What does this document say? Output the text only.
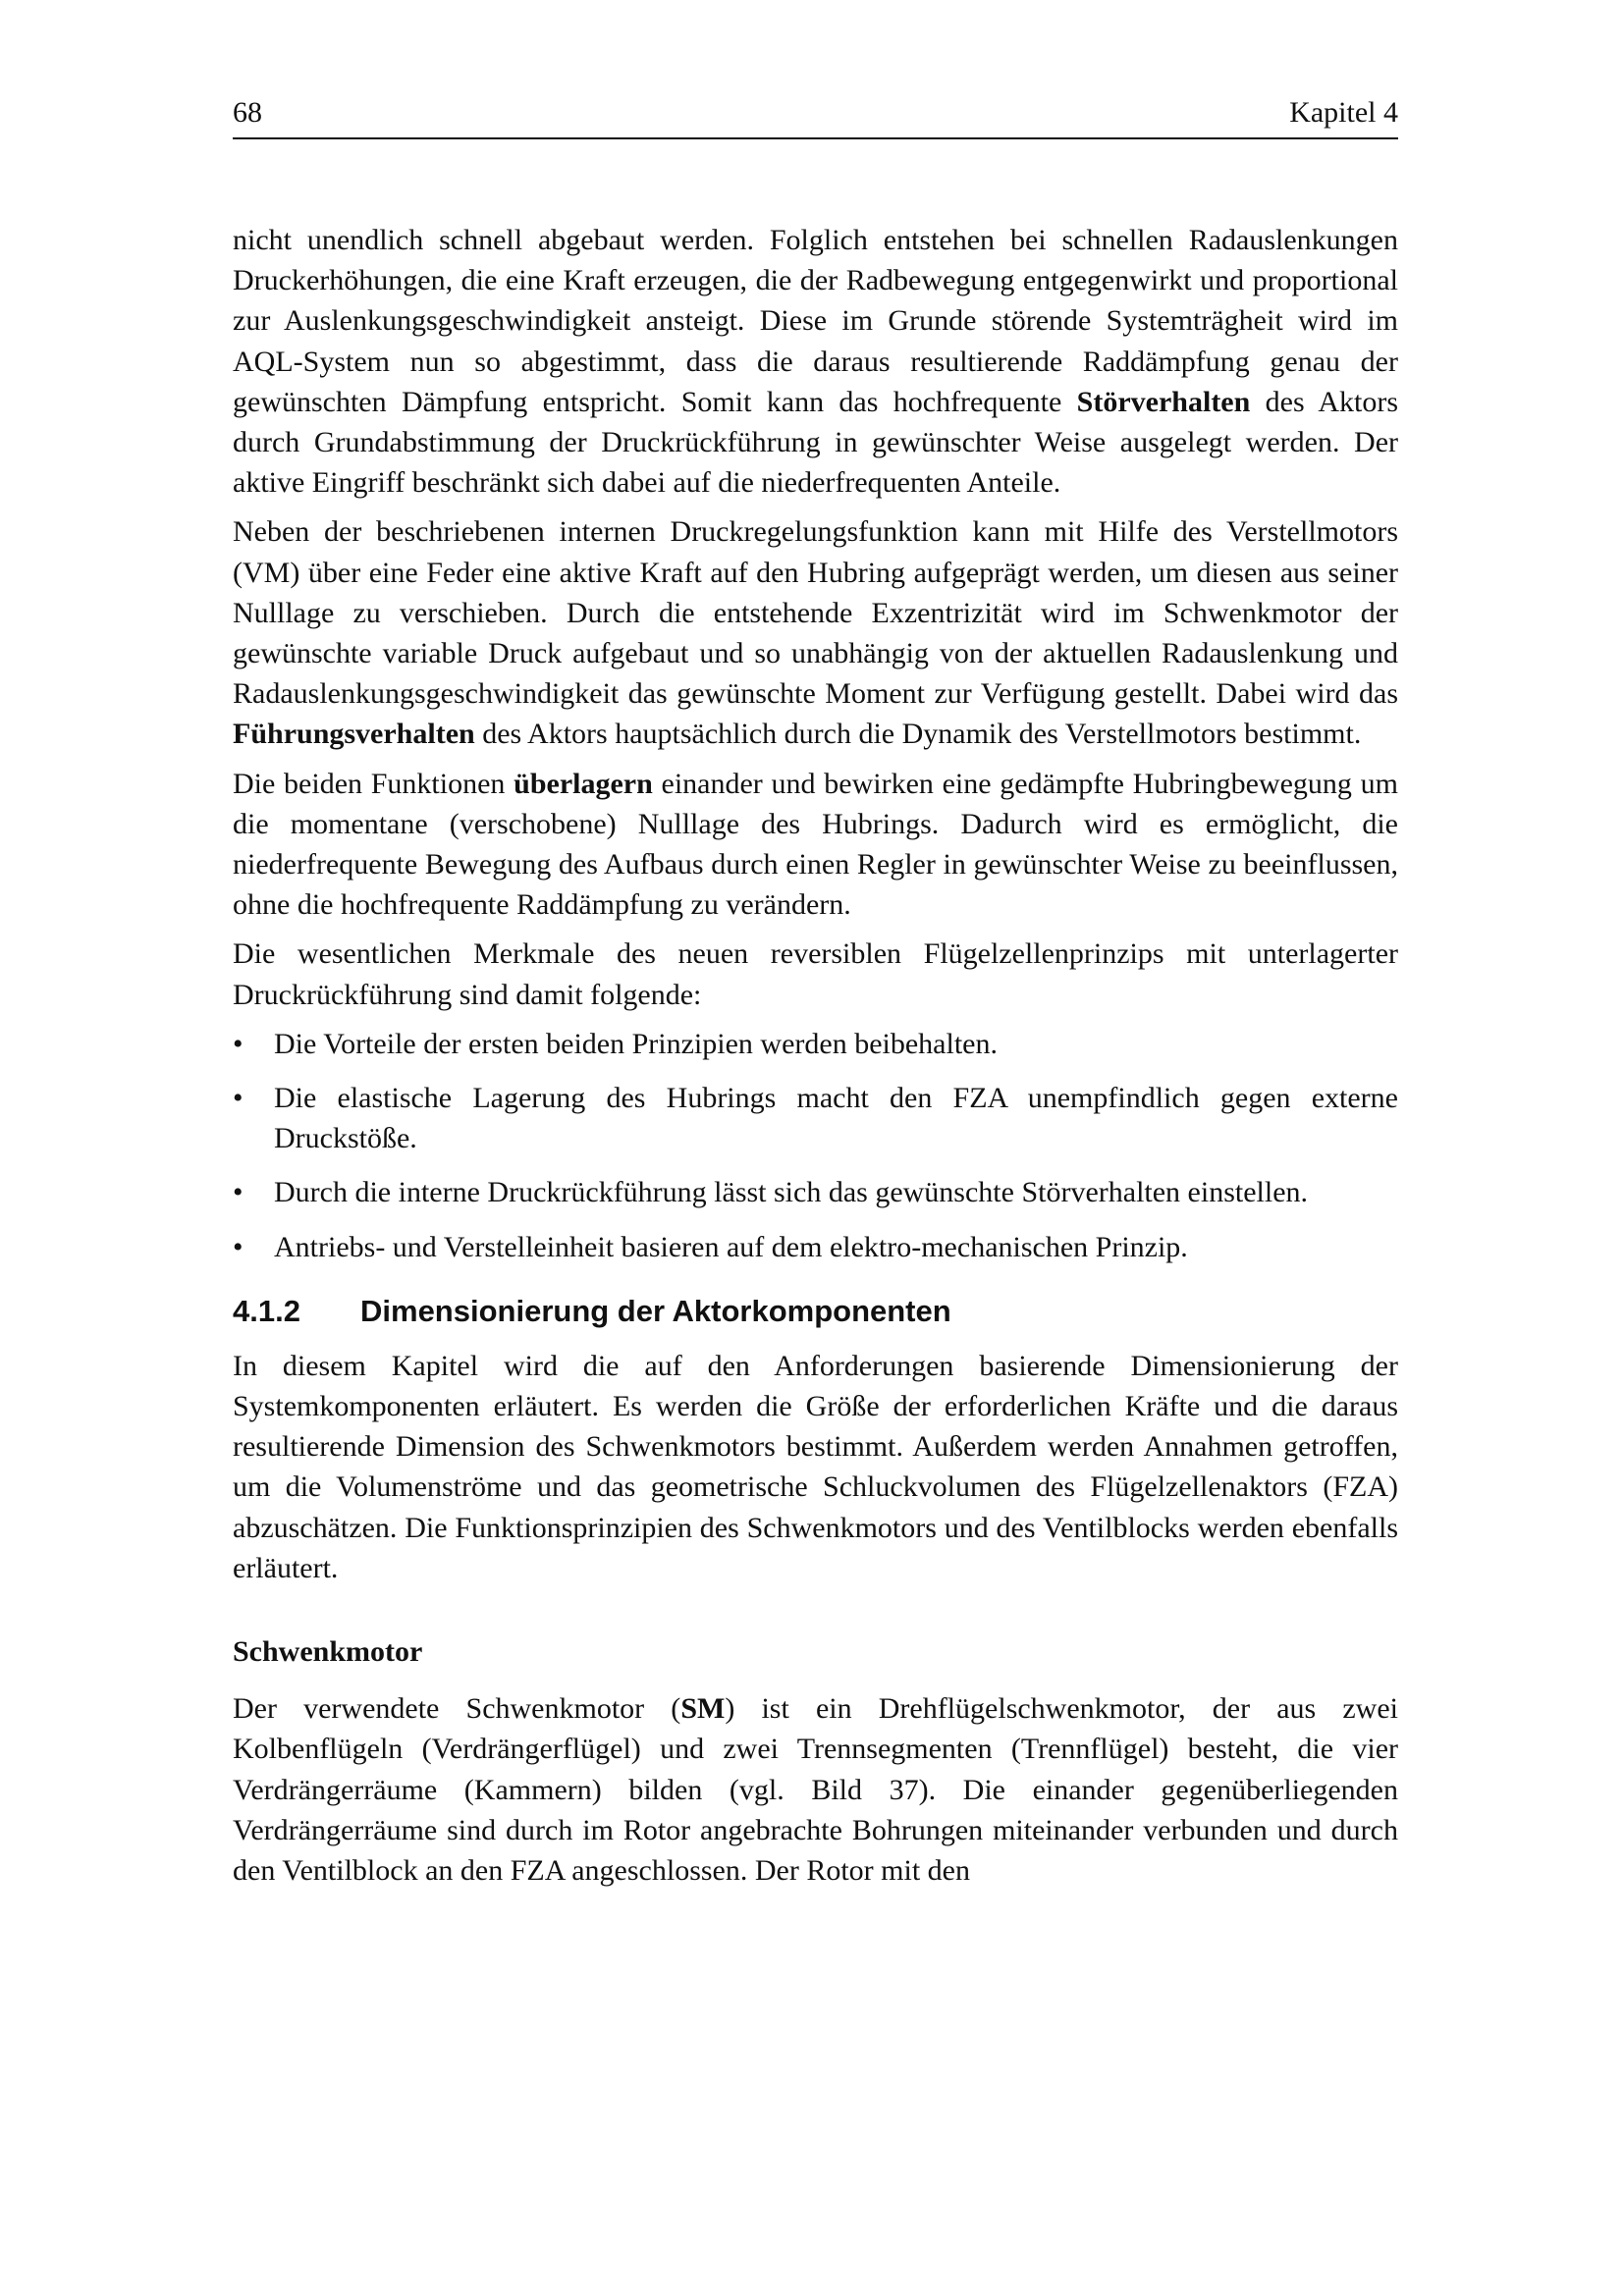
68	Kapitel 4

nicht unendlich schnell abgebaut werden. Folglich entstehen bei schnellen Radauslenkungen Druckerhöhungen, die eine Kraft erzeugen, die der Radbewegung entgegenwirkt und proportional zur Auslenkungsgeschwindigkeit ansteigt. Diese im Grunde störende Systemträgheit wird im AQL-System nun so abgestimmt, dass die daraus resultierende Raddämpfung genau der gewünschten Dämpfung entspricht. Somit kann das hochfrequente Störverhalten des Aktors durch Grundabstimmung der Druckrückführung in gewünschter Weise ausgelegt werden. Der aktive Eingriff beschränkt sich dabei auf die niederfrequenten Anteile.

Neben der beschriebenen internen Druckregelungsfunktion kann mit Hilfe des Verstellmotors (VM) über eine Feder eine aktive Kraft auf den Hubring aufgeprägt werden, um diesen aus seiner Nulllage zu verschieben. Durch die entstehende Exzentrizität wird im Schwenkmotor der gewünschte variable Druck aufgebaut und so unabhängig von der aktuellen Radauslenkung und Radauslenkungsgeschwindigkeit das gewünschte Moment zur Verfügung gestellt. Dabei wird das Führungsverhalten des Aktors hauptsächlich durch die Dynamik des Verstellmotors bestimmt.

Die beiden Funktionen überlagern einander und bewirken eine gedämpfte Hubringbewegung um die momentane (verschobene) Nulllage des Hubrings. Dadurch wird es ermöglicht, die niederfrequente Bewegung des Aufbaus durch einen Regler in gewünschter Weise zu beeinflussen, ohne die hochfrequente Raddämpfung zu verändern.

Die wesentlichen Merkmale des neuen reversiblen Flügelzellenprinzips mit unterlagerter Druckrückführung sind damit folgende:

• Die Vorteile der ersten beiden Prinzipien werden beibehalten.
• Die elastische Lagerung des Hubrings macht den FZA unempfindlich gegen externe Druckstöße.
• Durch die interne Druckrückführung lässt sich das gewünschte Störverhalten einstellen.
• Antriebs- und Verstelleinheit basieren auf dem elektro-mechanischen Prinzip.
4.1.2 Dimensionierung der Aktorkomponenten

In diesem Kapitel wird die auf den Anforderungen basierende Dimensionierung der Systemkomponenten erläutert. Es werden die Größe der erforderlichen Kräfte und die daraus resultierende Dimension des Schwenkmotors bestimmt. Außerdem werden Annahmen getroffen, um die Volumenströme und das geometrische Schluckvolumen des Flügelzellenaktors (FZA) abzuschätzen. Die Funktionsprinzipien des Schwenkmotors und des Ventilblocks werden ebenfalls erläutert.

Schwenkmotor

Der verwendete Schwenkmotor (SM) ist ein Drehflügelschwenkmotor, der aus zwei Kolbenflügeln (Verdrängerflügel) und zwei Trennsegmenten (Trennflügel) besteht, die vier Verdrängerräume (Kammern) bilden (vgl. Bild 37). Die einander gegenüberliegenden Verdrängerräume sind durch im Rotor angebrachte Bohrungen miteinander verbunden und durch den Ventilblock an den FZA angeschlossen. Der Rotor mit den
